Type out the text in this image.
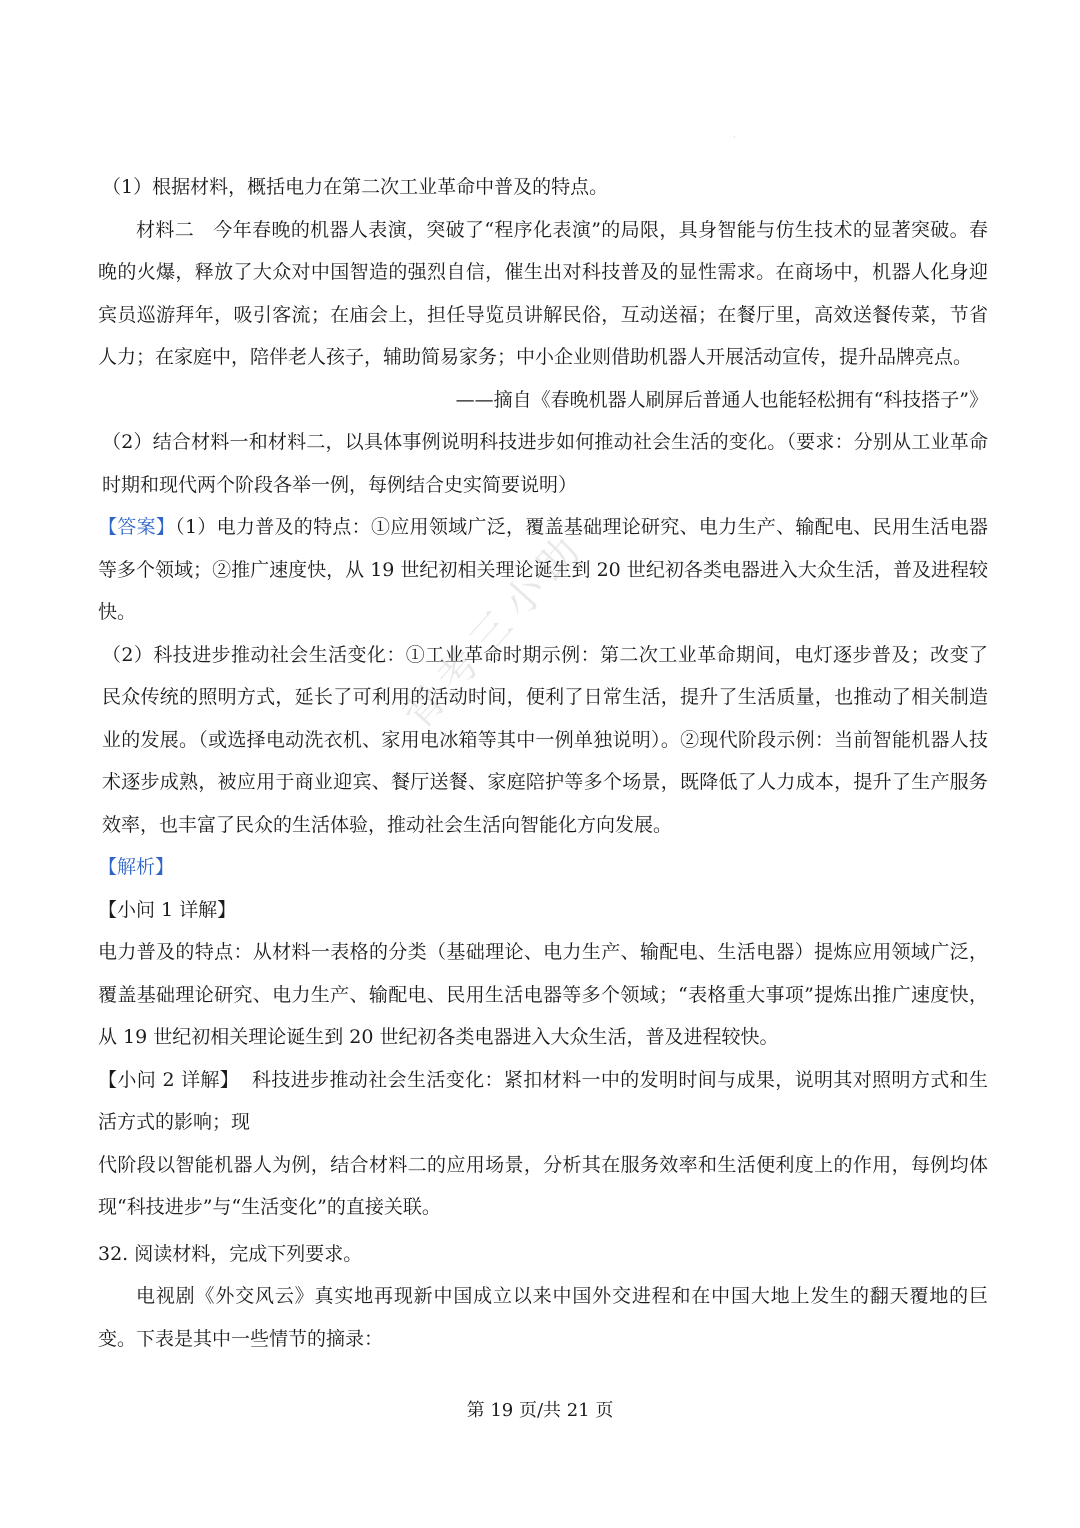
·

（1）根据材料，概括电力在第二次工业革命中普及的特点。

材料二　今年春晚的机器人表演，突破了“程序化表演”的局限，具身智能与仿生技术的显著突破。春晚的火爆，释放了大众对中国智造的强烈自信，催生出对科技普及的显性需求。在商场中，机器人化身迎宾员巡游拜年，吸引客流；在庙会上，担任导览员讲解民俗，互动送福；在餐厅里，高效送餐传菜，节省人力；在家庭中，陪伴老人孩子，辅助简易家务；中小企业则借助机器人开展活动宣传，提升品牌亮点。

——摘自《春晚机器人刷屏后普通人也能轻松拥有“科技搭子”》

（2）结合材料一和材料二，以具体事例说明科技进步如何推动社会生活的变化。（要求：分别从工业革命时期和现代两个阶段各举一例，每例结合史实简要说明）

【答案】（1）电力普及的特点：①应用领域广泛，覆盖基础理论研究、电力生产、输配电、民用生活电器等多个领域；②推广速度快，从 19 世纪初相关理论诞生到 20 世纪初各类电器进入大众生活，普及进程较快。

（2）科技进步推动社会生活变化：①工业革命时期示例：第二次工业革命期间，电灯逐步普及；改变了民众传统的照明方式，延长了可利用的活动时间，便利了日常生活，提升了生活质量，也推动了相关制造业的发展。（或选择电动洗衣机、家用电冰箱等其中一例单独说明）。②现代阶段示例：当前智能机器人技术逐步成熟，被应用于商业迎宾、餐厅送餐、家庭陪护等多个场景，既降低了人力成本，提升了生产服务效率，也丰富了民众的生活体验，推动社会生活向智能化方向发展。

【解析】

【小问 1 详解】

电力普及的特点：从材料一表格的分类（基础理论、电力生产、输配电、生活电器）提炼应用领域广泛，覆盖基础理论研究、电力生产、输配电、民用生活电器等多个领域；“表格重大事项”提炼出推广速度快，从 19 世纪初相关理论诞生到 20 世纪初各类电器进入大众生活，普及进程较快。

【小问 2 详解】 科技进步推动社会生活变化：紧扣材料一中的发明时间与成果，说明其对照明方式和生活方式的影响；现

代阶段以智能机器人为例，结合材料二的应用场景，分析其在服务效率和生活便利度上的作用，每例均体现“科技进步”与“生活变化”的直接关联。

32. 阅读材料，完成下列要求。

电视剧《外交风云》真实地再现新中国成立以来中国外交进程和在中国大地上发生的翻天覆地的巨变。下表是其中一些情节的摘录：

背考三小助
第 19 页/共 21 页
